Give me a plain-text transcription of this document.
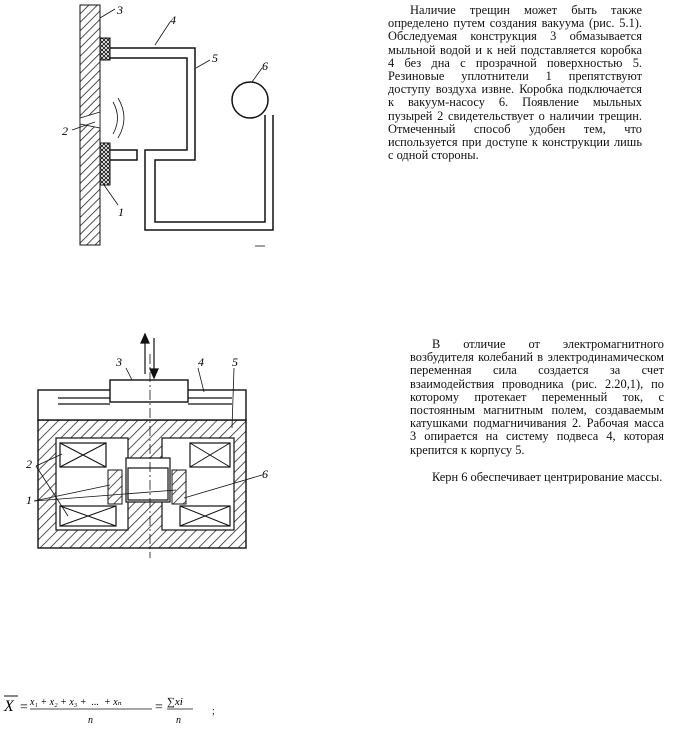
3
4
5
6
2
1

Наличие трещин может быть также определено путем создания вакуума (рис. 5.1). Обследуемая конструкция 3 обмазывается мыльной водой и к ней подставляется коробка 4 без дна с прозрачной поверхностью 5. Резиновые уплотнители 1 препятствуют доступу воздуха извне. Коробка подключается к вакуум-насосу 6. Появление мыльных пузырей 2 свидетельствует о наличии трещин. Отмеченный способ удобен тем, что используется при доступе к конструкции лишь с одной стороны.

3	4 5
2
1
6

В отличие от электромагнитного возбудителя колебаний в электродинамическом переменная сила создается за счет взаимодействия проводника (рис. 2.20,1), по которому протекает переменный ток, с постоянным магнитным полем, создаваемым катушками подмагничивания 2. Рабочая масса 3 опирается на систему подвеса 4, которая крепится к корпусу 5.

Керн 6 обеспечивает центрирование массы.

X = x₁ + x₂ + x₃ +  ...  + xₙ
n
= ∑xi
n
;
